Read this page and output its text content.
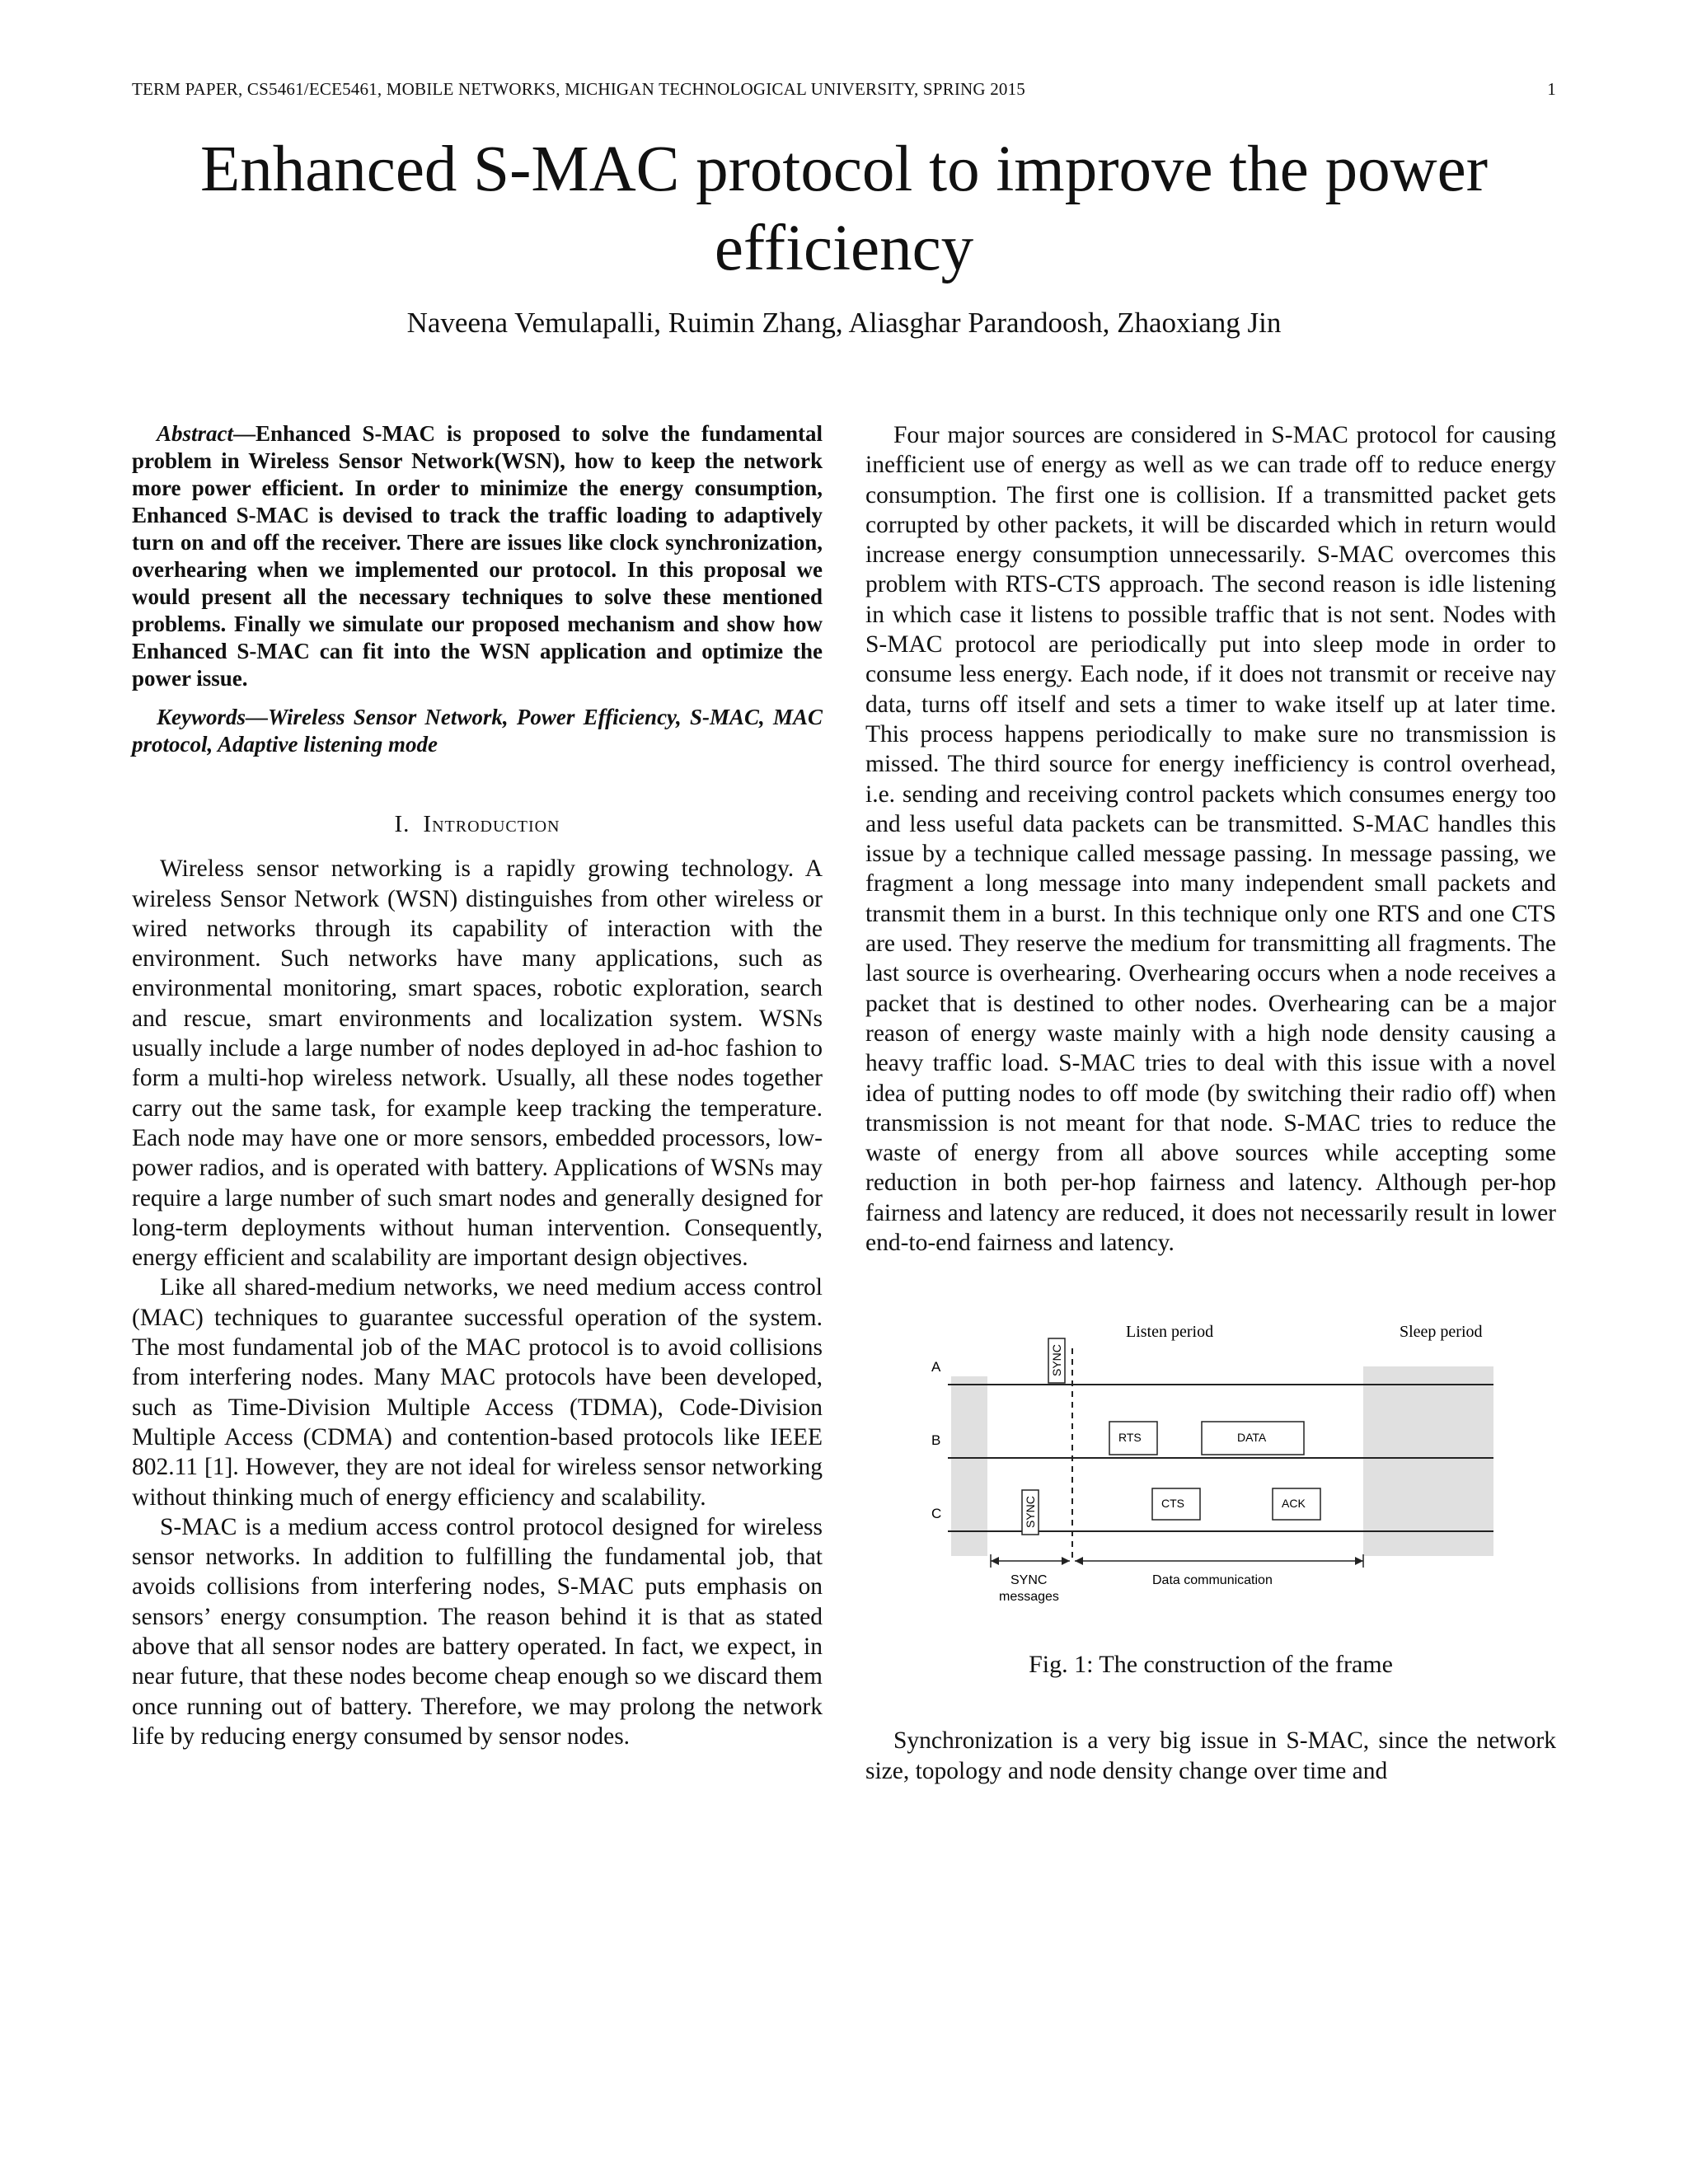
TERM PAPER, CS5461/ECE5461, MOBILE NETWORKS, MICHIGAN TECHNOLOGICAL UNIVERSITY, SPRING 2015	1
Enhanced S-MAC protocol to improve the power
efficiency
Naveena Vemulapalli, Ruimin Zhang, Aliasghar Parandoosh, Zhaoxiang Jin

Abstract—Enhanced S-MAC is proposed to solve the fundamental problem in Wireless Sensor Network(WSN), how to keep the network more power efficient. In order to minimize the energy consumption, Enhanced S-MAC is devised to track the traffic loading to adaptively turn on and off the receiver. There are issues like clock synchronization, overhearing when we implemented our protocol. In this proposal we would present all the necessary techniques to solve these mentioned problems. Finally we simulate our proposed mechanism and show how Enhanced S-MAC can fit into the WSN application and optimize the power issue.

Keywords—Wireless Sensor Network, Power Efficiency, S-MAC, MAC protocol, Adaptive listening mode

I. Introduction

Wireless sensor networking is a rapidly growing technology. A wireless Sensor Network (WSN) distinguishes from other wireless or wired networks through its capability of interaction with the environment. Such networks have many applications, such as environmental monitoring, smart spaces, robotic exploration, search and rescue, smart environments and localization system. WSNs usually include a large number of nodes deployed in ad-hoc fashion to form a multi-hop wireless network. Usually, all these nodes together carry out the same task, for example keep tracking the temperature. Each node may have one or more sensors, embedded processors, low-power radios, and is operated with battery. Applications of WSNs may require a large number of such smart nodes and generally designed for long-term deployments without human intervention. Consequently, energy efficient and scalability are important design objectives.

Like all shared-medium networks, we need medium access control (MAC) techniques to guarantee successful operation of the system. The most fundamental job of the MAC protocol is to avoid collisions from interfering nodes. Many MAC protocols have been developed, such as Time-Division Multiple Access (TDMA), Code-Division Multiple Access (CDMA) and contention-based protocols like IEEE 802.11 [1]. However, they are not ideal for wireless sensor networking without thinking much of energy efficiency and scalability.

S-MAC is a medium access control protocol designed for wireless sensor networks. In addition to fulfilling the fundamental job, that avoids collisions from interfering nodes, S-MAC puts emphasis on sensors’ energy consumption. The reason behind it is that as stated above that all sensor nodes are battery operated. In fact, we expect, in near future, that these nodes become cheap enough so we discard them once running out of battery. Therefore, we may prolong the network life by reducing energy consumed by sensor nodes.

Four major sources are considered in S-MAC protocol for causing inefficient use of energy as well as we can trade off to reduce energy consumption. The first one is collision. If a transmitted packet gets corrupted by other packets, it will be discarded which in return would increase energy consumption unnecessarily. S-MAC overcomes this problem with RTS-CTS approach. The second reason is idle listening in which case it listens to possible traffic that is not sent. Nodes with S-MAC protocol are periodically put into sleep mode in order to consume less energy. Each node, if it does not transmit or receive nay data, turns off itself and sets a timer to wake itself up at later time. This process happens periodically to make sure no transmission is missed. The third source for energy inefficiency is control overhead, i.e. sending and receiving control packets which consumes energy too and less useful data packets can be transmitted. S-MAC handles this issue by a technique called message passing. In message passing, we fragment a long message into many independent small packets and transmit them in a burst. In this technique only one RTS and one CTS are used. They reserve the medium for transmitting all fragments. The last source is overhearing. Overhearing occurs when a node receives a packet that is destined to other nodes. Overhearing can be a major reason of energy waste mainly with a high node density causing a heavy traffic load. S-MAC tries to deal with this issue with a novel idea of putting nodes to off mode (by switching their radio off) when transmission is not meant for that node. S-MAC tries to reduce the waste of energy from all above sources while accepting some reduction in both per-hop fairness and latency. Although per-hop fairness and latency are reduced, it does not necessarily result in lower end-to-end fairness and latency.

Listen period	Sleep period
A
B
C
SYNC
RTS	DATA
CTS	ACK
SYNC
SYNC
messages
Data communication
Fig. 1: The construction of the frame

Synchronization is a very big issue in S-MAC, since the network size, topology and node density change over time and
